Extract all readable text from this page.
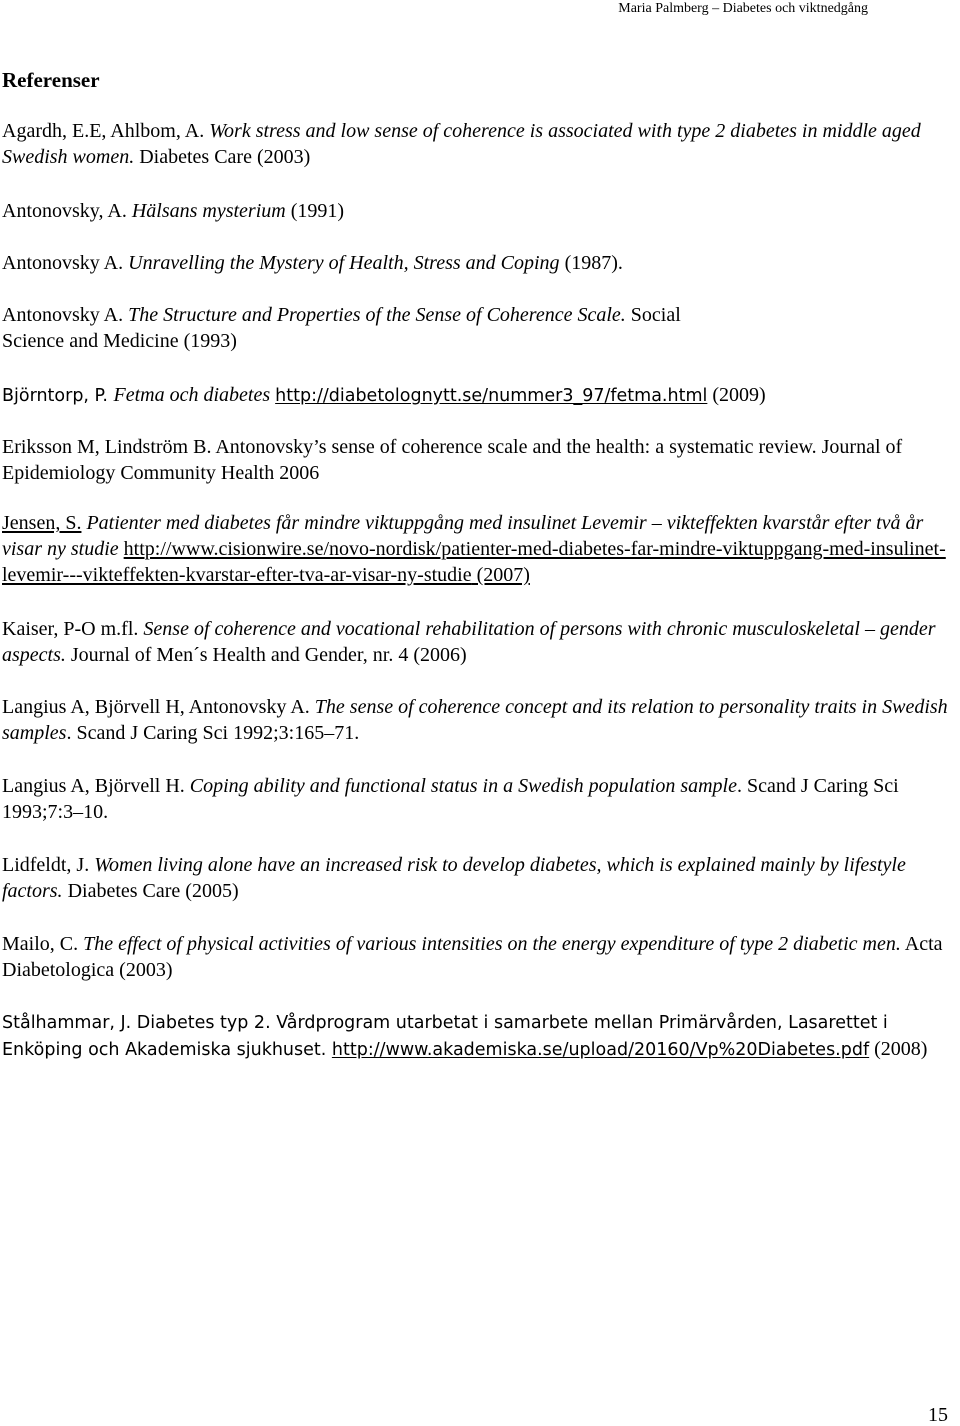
Maria Palmberg – Diabetes och viktnedgång
Referenser
Agardh, E.E, Ahlbom, A. Work stress and low sense of coherence is associated with type 2 diabetes in middle aged Swedish women. Diabetes Care (2003)
Antonovsky, A. Hälsans mysterium (1991)
Antonovsky A. Unravelling the Mystery of Health, Stress and Coping (1987).
Antonovsky A. The Structure and Properties of the Sense of Coherence Scale. Social Science and Medicine (1993)
Björntorp, P. Fetma och diabetes http://diabetolognytt.se/nummer3_97/fetma.html (2009)
Eriksson M, Lindström B. Antonovsky’s sense of coherence scale and the health: a systematic review. Journal of Epidemiology Community Health 2006
Jensen, S. Patienter med diabetes får mindre viktuppgång med insulinet Levemir – vikteffekten kvarstår efter två år visar ny studie http://www.cisionwire.se/novo-nordisk/patienter-med-diabetes-far-mindre-viktuppgang-med-insulinet-levemir---vikteffekten-kvarstar-efter-tva-ar-visar-ny-studie (2007)
Kaiser, P-O m.fl. Sense of coherence and vocational rehabilitation of persons with chronic musculoskeletal – gender aspects. Journal of Men´s Health and Gender, nr. 4 (2006)
Langius A, Björvell H, Antonovsky A. The sense of coherence concept and its relation to personality traits in Swedish samples. Scand J Caring Sci 1992;3:165–71.
Langius A, Björvell H. Coping ability and functional status in a Swedish population sample. Scand J Caring Sci 1993;7:3–10.
Lidfeldt, J. Women living alone have an increased risk to develop diabetes, which is explained mainly by lifestyle factors. Diabetes Care (2005)
Mailo, C. The effect of physical activities of various intensities on the energy expenditure of type 2 diabetic men. Acta Diabetologica (2003)
Stålhammar, J. Diabetes typ 2. Vårdprogram utarbetat i samarbete mellan Primärvården, Lasarettet i Enköping och Akademiska sjukhuset. http://www.akademiska.se/upload/20160/Vp%20Diabetes.pdf (2008)
15
